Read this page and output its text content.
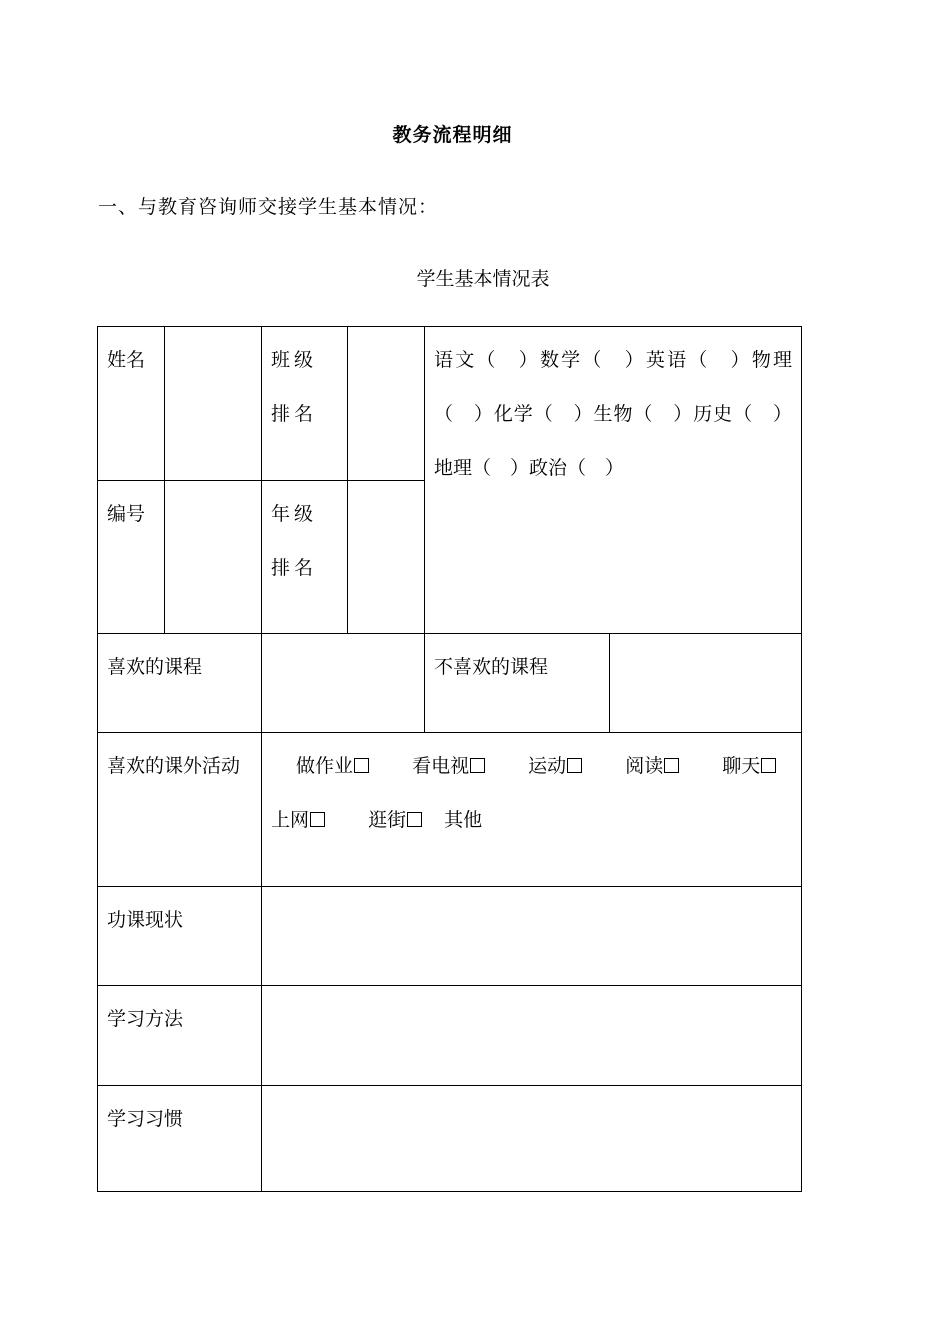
教务流程明细
一、与教育咨询师交接学生基本情况：
学生基本情况表
姓名		班级排名		语文（　）数学（　）英语（　）物理（　）化学（　）生物（　）历史（　）地理（　）政治（　）	

编号		年级排名			

喜欢的课程				不喜欢的课程	

喜欢的课外活动		做作业 看电视 运动 阅读 聊天
上网 逛街 其他			

功课现状					

学习方法					

学习习惯					
